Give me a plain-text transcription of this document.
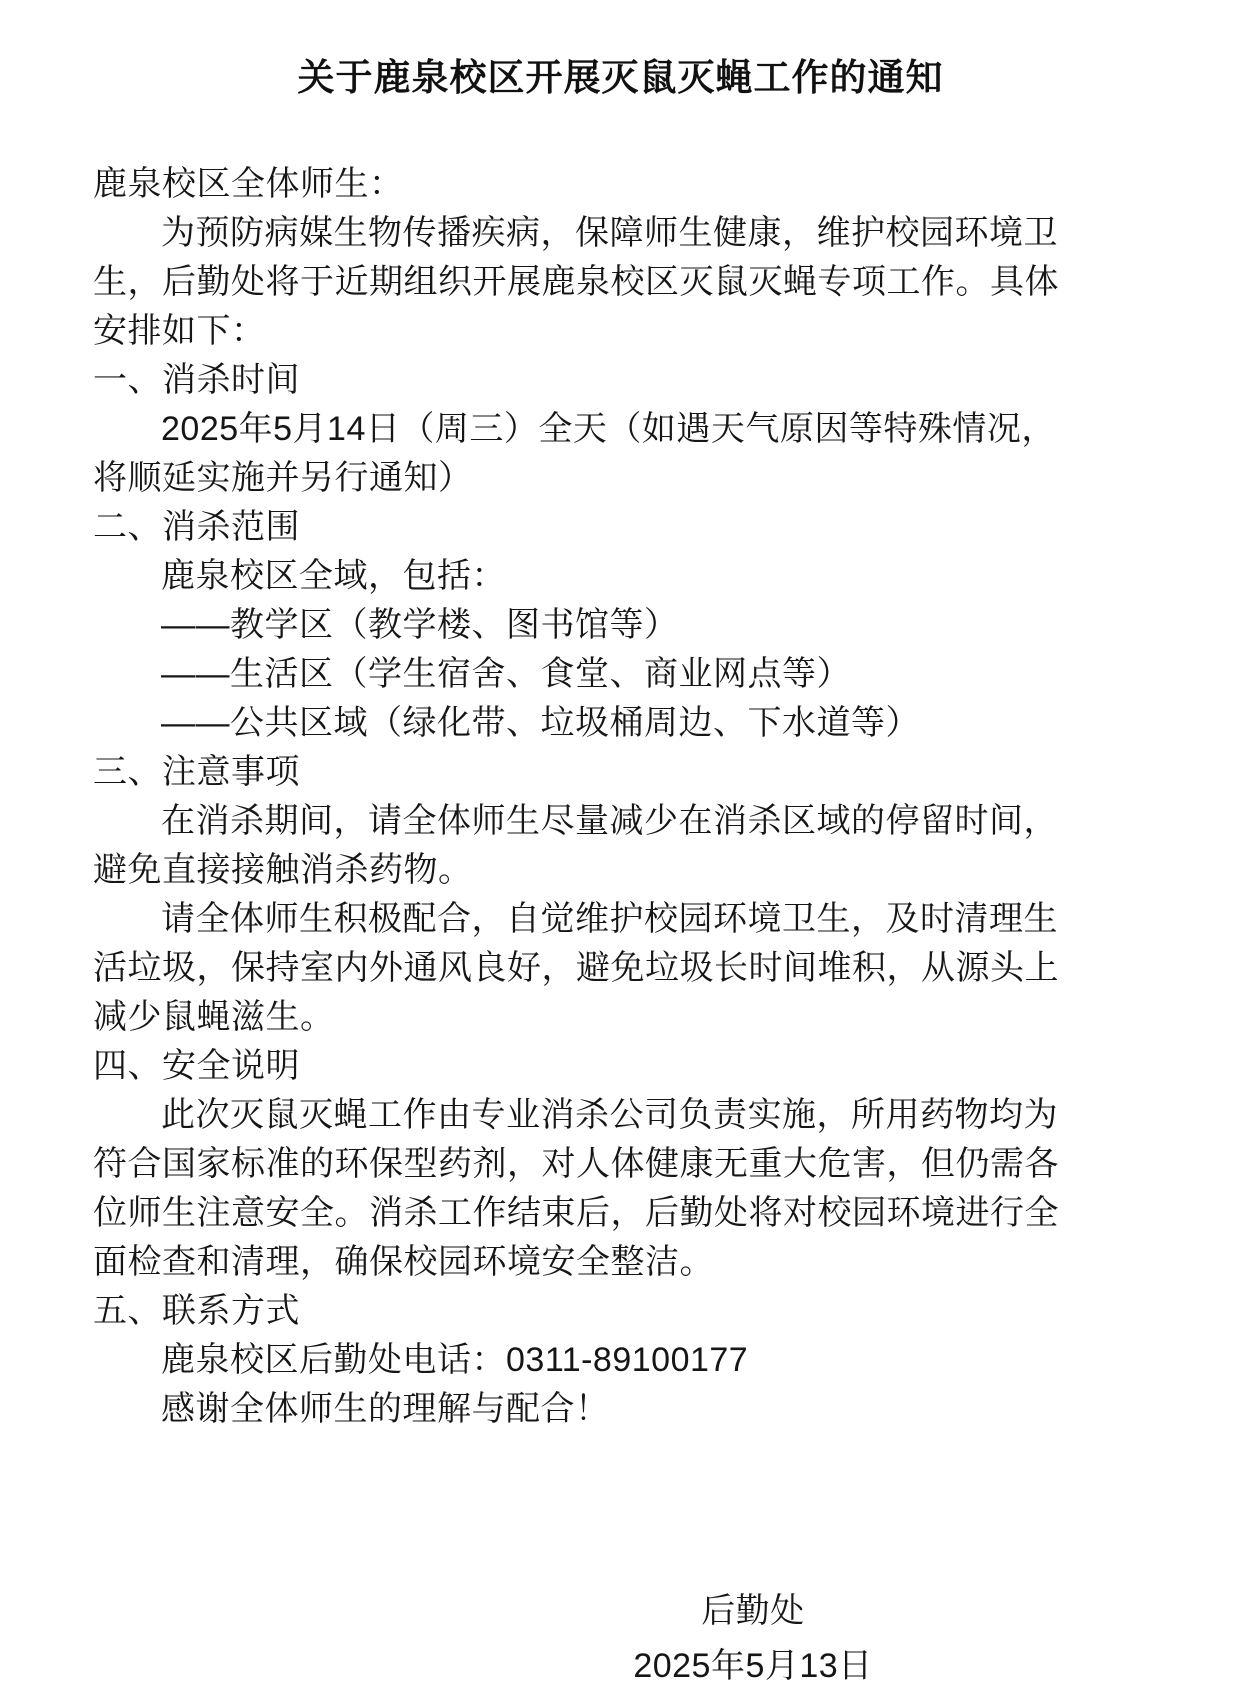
关于鹿泉校区开展灭鼠灭蝇工作的通知
鹿泉校区全体师生：
为预防病媒生物传播疾病，保障师生健康，维护校园环境卫
生，后勤处将于近期组织开展鹿泉校区灭鼠灭蝇专项工作。具体
安排如下：
一、消杀时间
2025年5月14日（周三）全天（如遇天气原因等特殊情况，
将顺延实施并另行通知）
二、消杀范围
鹿泉校区全域，包括：
——教学区（教学楼、图书馆等）
——生活区（学生宿舍、食堂、商业网点等）
——公共区域（绿化带、垃圾桶周边、下水道等）
三、注意事项
在消杀期间，请全体师生尽量减少在消杀区域的停留时间，
避免直接接触消杀药物。
请全体师生积极配合，自觉维护校园环境卫生，及时清理生
活垃圾，保持室内外通风良好，避免垃圾长时间堆积，从源头上
减少鼠蝇滋生。
四、安全说明
此次灭鼠灭蝇工作由专业消杀公司负责实施，所用药物均为
符合国家标准的环保型药剂，对人体健康无重大危害，但仍需各
位师生注意安全。消杀工作结束后，后勤处将对校园环境进行全
面检查和清理，确保校园环境安全整洁。
五、联系方式
鹿泉校区后勤处电话：0311-89100177
感谢全体师生的理解与配合！
后勤处
2025年5月13日
